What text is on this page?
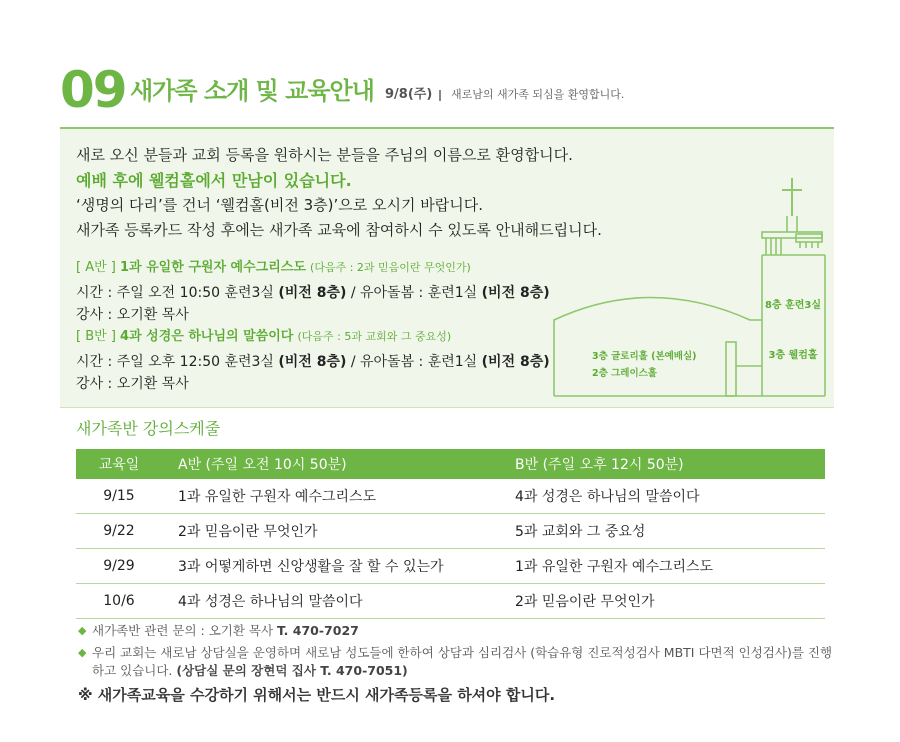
09 새가족 소개 및 교육안내 9/8(주) 새로남의 새가족 되심을 환영합니다.
새로 오신 분들과 교회 등록을 원하시는 분들을 주님의 이름으로 환영합니다.
예배 후에 웰컴홀에서 만남이 있습니다.
‘생명의 다리’를 건너 ‘웰컴홀(비전 3층)’으로 오시기 바랍니다.
새가족 등록카드 작성 후에는 새가족 교육에 참여하시 수 있도록 안내해드립니다.
[ A반 ] 1과 유일한 구원자 예수그리스도 (다음주 : 2과 믿음이란 무엇인가)
시간 : 주일 오전 10:50 훈련3실 (비전 8층) / 유아돌봄 : 훈련1실 (비전 8층)
강사 : 오기환 목사
[ B반 ] 4과 성경은 하나님의 말씀이다 (다음주 : 5과 교회와 그 중요성)
시간 : 주일 오후 12:50 훈련3실 (비전 8층) / 유아돌봄 : 훈련1실 (비전 8층)
강사 : 오기환 목사
8층 훈련3실
3층 웰컴홀
3층 글로리홀 (본예배실)
2층 그레이스홀
새가족반 강의스케줄
교육일	A반 (주일 오전 10시 50분)	B반 (주일 오후 12시 50분)
9/15	1과 유일한 구원자 예수그리스도	4과 성경은 하나님의 말씀이다
9/22	2과 믿음이란 무엇인가	5과 교회와 그 중요성
9/29	3과 어떻게하면 신앙생활을 잘 할 수 있는가	1과 유일한 구원자 예수그리스도
10/6	4과 성경은 하나님의 말씀이다	2과 믿음이란 무엇인가
◆ 새가족반 관련 문의 : 오기환 목사 T. 470-7027
◆ 우리 교회는 새로남 상담실을 운영하며 새로남 성도들에 한하여 상담과 심리검사 (학습유형 진로적성검사 MBTI 다면적 인성검사)를 진행하고 있습니다. (상담실 문의 장현덕 집사 T. 470-7051)
※ 새가족교육을 수강하기 위해서는 반드시 새가족등록을 하셔야 합니다.
